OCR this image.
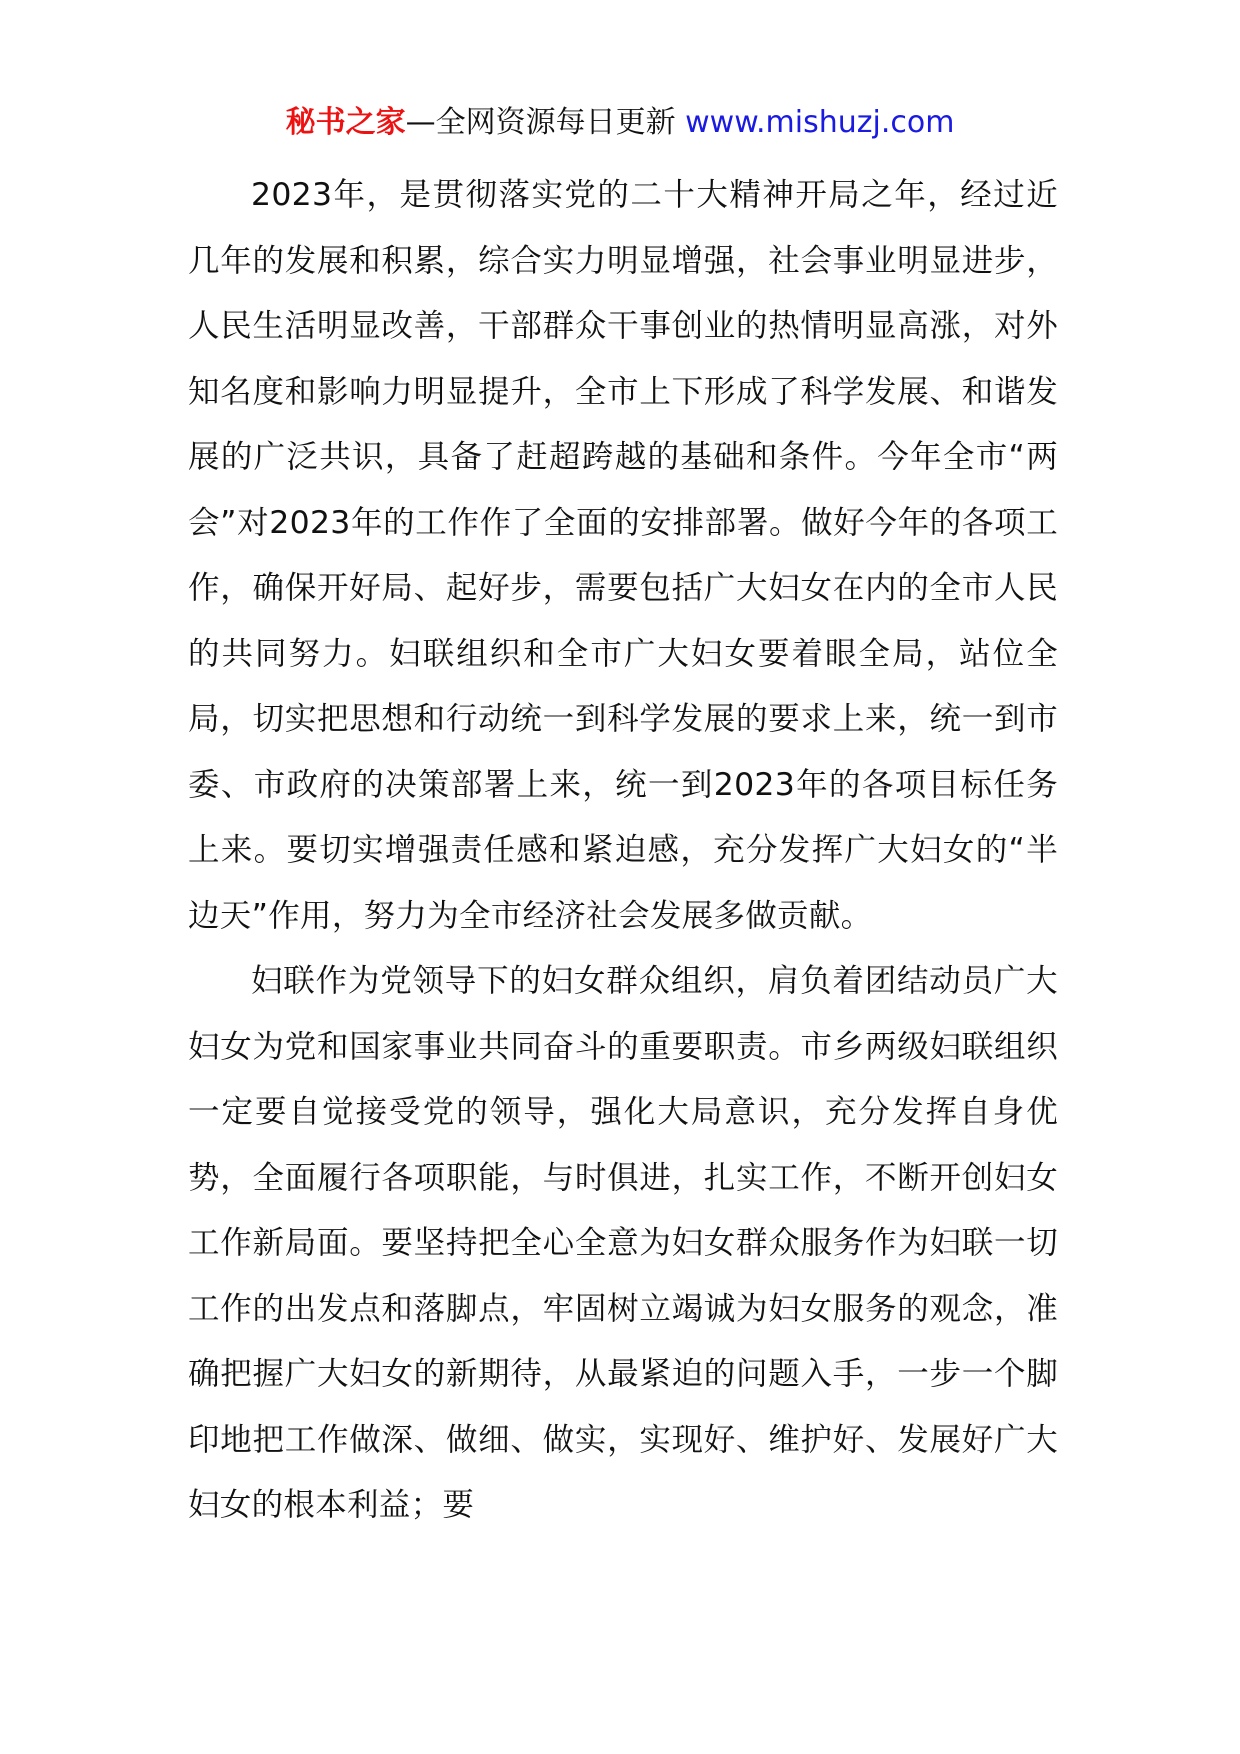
秘书之家—全网资源每日更新 www.mishuzj.com

2023年，是贯彻落实党的二十大精神开局之年，经过近几年的发展和积累，综合实力明显增强，社会事业明显进步，人民生活明显改善，干部群众干事创业的热情明显高涨，对外知名度和影响力明显提升，全市上下形成了科学发展、和谐发展的广泛共识，具备了赶超跨越的基础和条件。今年全市“两会”对2023年的工作作了全面的安排部署。做好今年的各项工作，确保开好局、起好步，需要包括广大妇女在内的全市人民的共同努力。妇联组织和全市广大妇女要着眼全局，站位全局，切实把思想和行动统一到科学发展的要求上来，统一到市委、市政府的决策部署上来，统一到2023年的各项目标任务上来。要切实增强责任感和紧迫感，充分发挥广大妇女的“半边天”作用，努力为全市经济社会发展多做贡献。

妇联作为党领导下的妇女群众组织，肩负着团结动员广大妇女为党和国家事业共同奋斗的重要职责。市乡两级妇联组织一定要自觉接受党的领导，强化大局意识，充分发挥自身优势，全面履行各项职能，与时俱进，扎实工作，不断开创妇女工作新局面。要坚持把全心全意为妇女群众服务作为妇联一切工作的出发点和落脚点，牢固树立竭诚为妇女服务的观念，准确把握广大妇女的新期待，从最紧迫的问题入手，一步一个脚印地把工作做深、做细、做实，实现好、维护好、发展好广大妇女的根本利益；要
